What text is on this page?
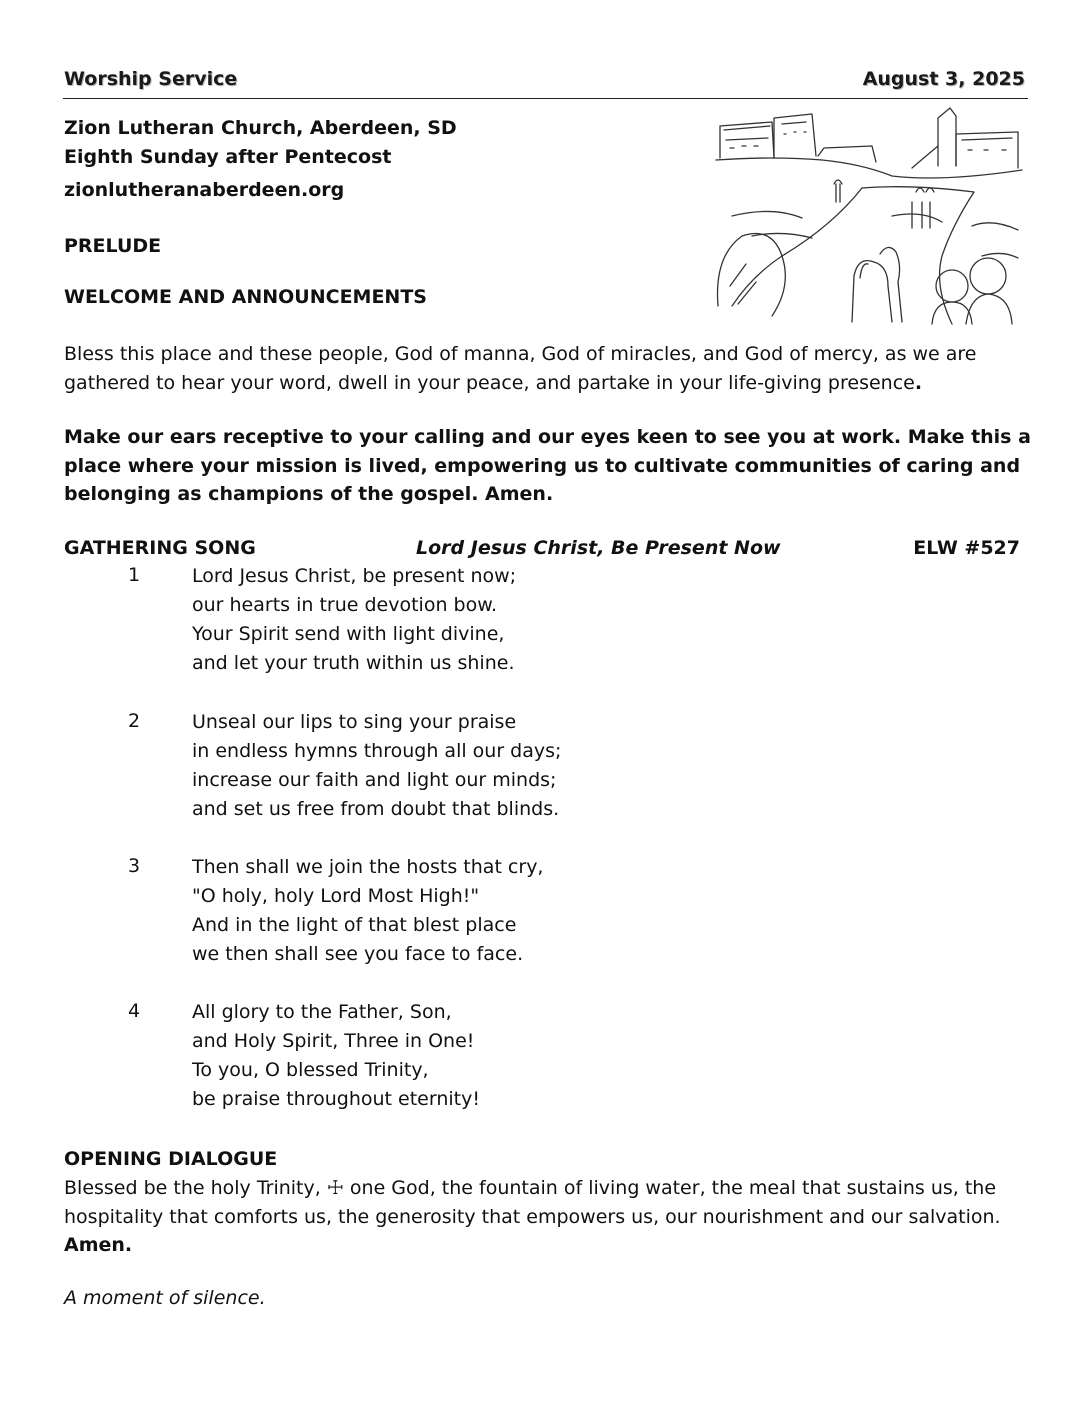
Worship Service	August 3, 2025
Zion Lutheran Church, Aberdeen, SD
Eighth Sunday after Pentecost
zionlutheranaberdeen.org
PRELUDE
WELCOME AND ANNOUNCEMENTS
Bless this place and these people, God of manna, God of miracles, and God of mercy, as we are gathered to hear your word, dwell in your peace, and partake in your life-giving presence.
Make our ears receptive to your calling and our eyes keen to see you at work. Make this a place where your mission is lived, empowering us to cultivate communities of caring and belonging as champions of the gospel. Amen.
GATHERING SONG	Lord Jesus Christ, Be Present Now	ELW #527
1	Lord Jesus Christ, be present now;
our hearts in true devotion bow.
Your Spirit send with light divine,
and let your truth within us shine.
2	Unseal our lips to sing your praise
in endless hymns through all our days;
increase our faith and light our minds;
and set us free from doubt that blinds.
3	Then shall we join the hosts that cry,
"O holy, holy Lord Most High!"
And in the light of that blest place
we then shall see you face to face.
4	All glory to the Father, Son,
and Holy Spirit, Three in One!
To you, O blessed Trinity,
be praise throughout eternity!
OPENING DIALOGUE
Blessed be the holy Trinity, ☩ one God, the fountain of living water, the meal that sustains us, the hospitality that comforts us, the generosity that empowers us, our nourishment and our salvation.  Amen.
A moment of silence.
